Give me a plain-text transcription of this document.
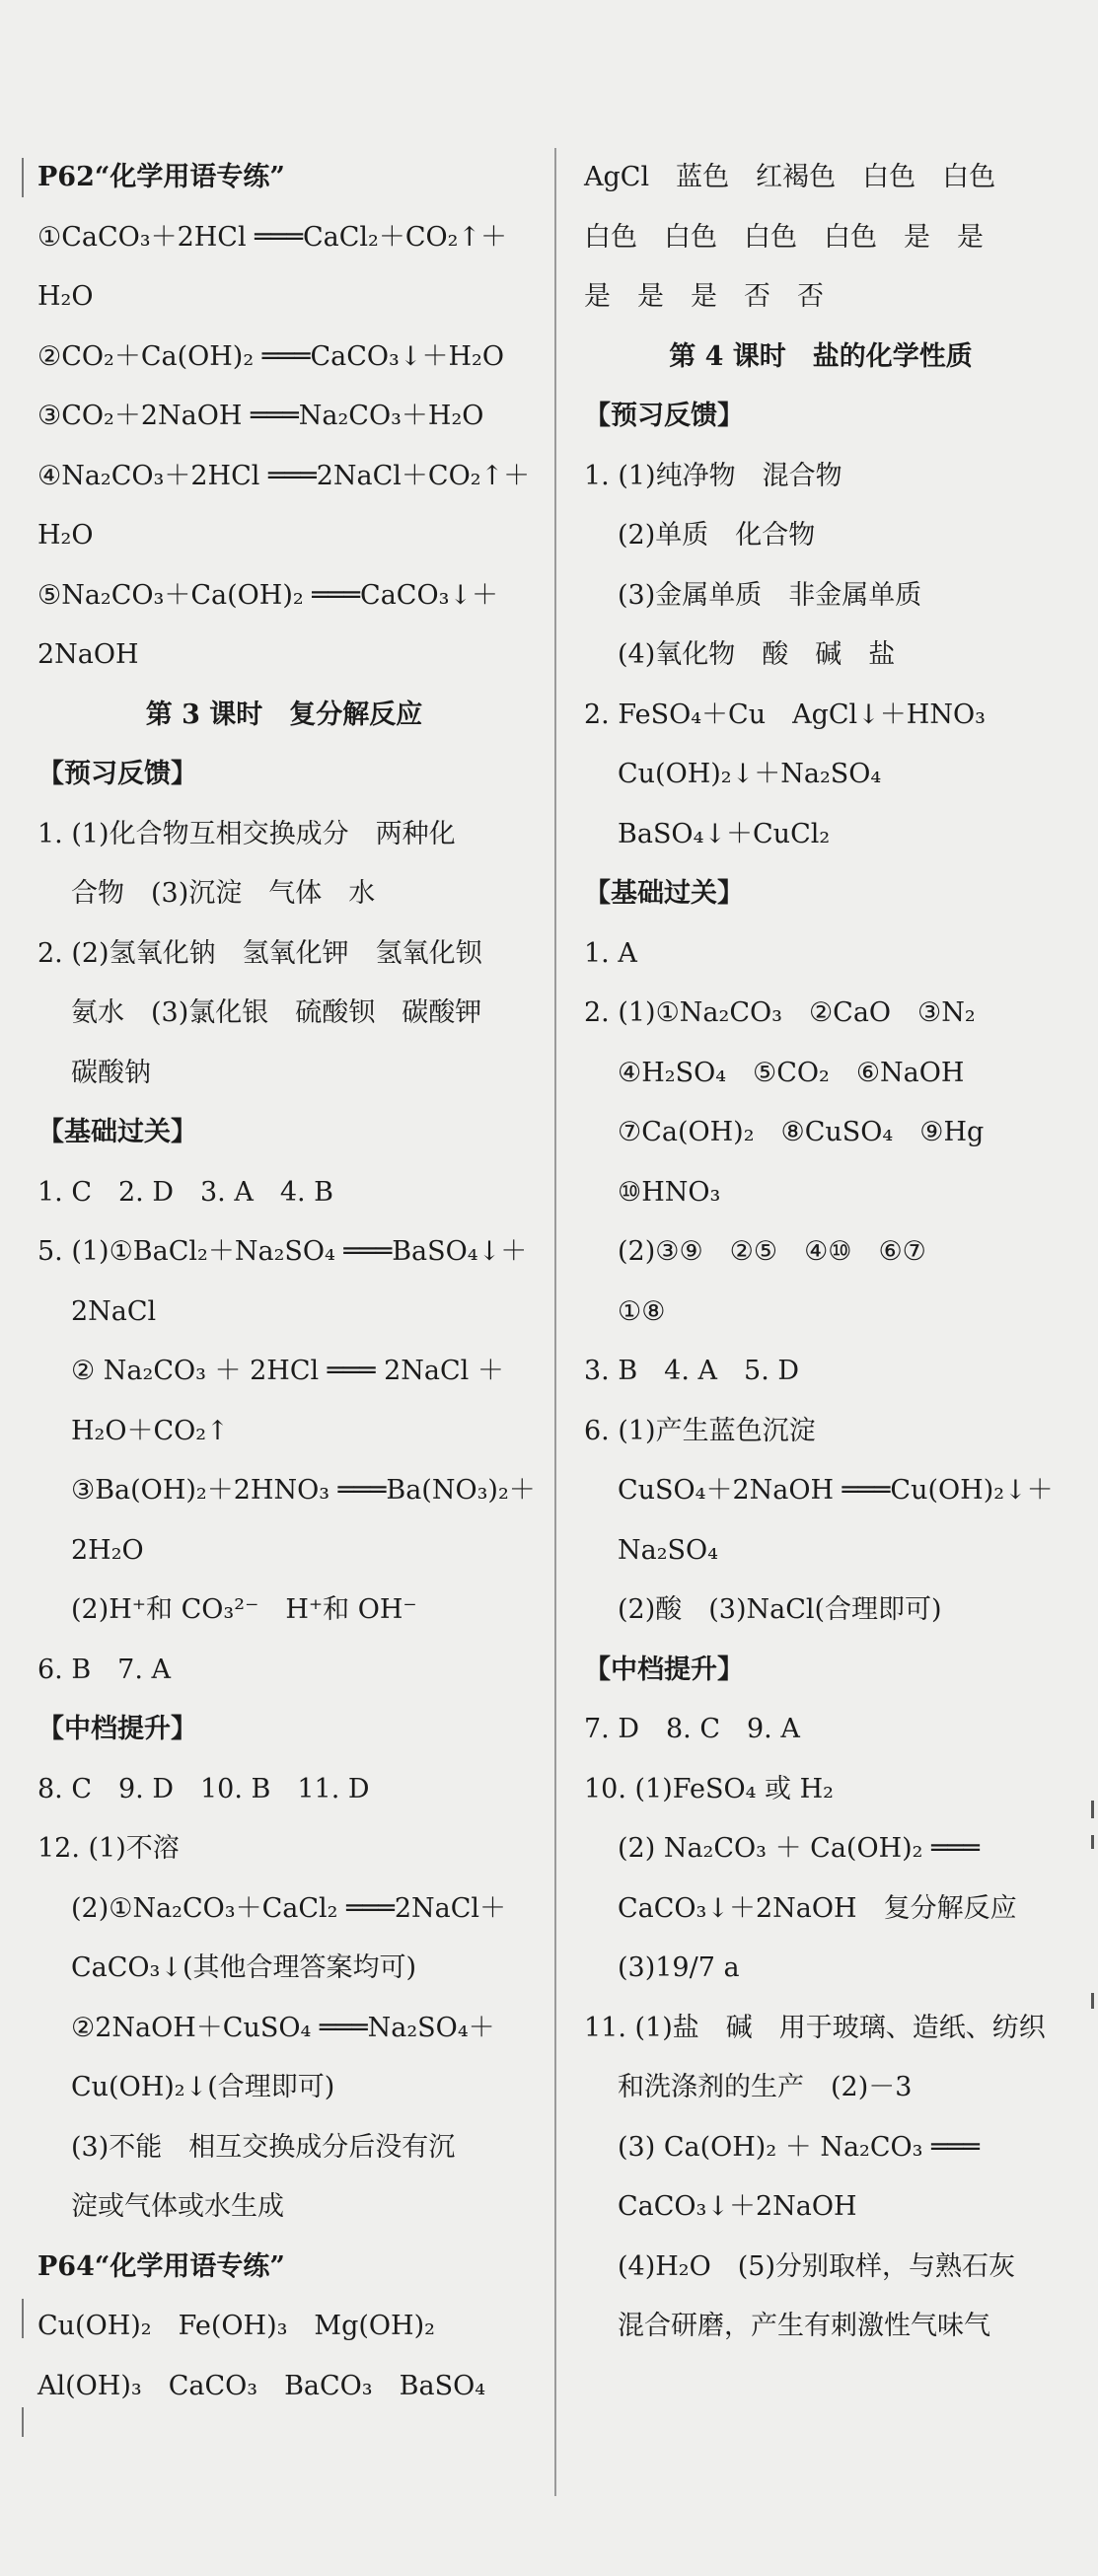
P62“化学用语专练”
①CaCO₃＋2HCl ═══CaCl₂＋CO₂↑＋
H₂O
②CO₂＋Ca(OH)₂ ═══CaCO₃↓＋H₂O
③CO₂＋2NaOH ═══Na₂CO₃＋H₂O
④Na₂CO₃＋2HCl ═══2NaCl＋CO₂↑＋
H₂O
⑤Na₂CO₃＋Ca(OH)₂ ═══CaCO₃↓＋
2NaOH
第 3 课时　复分解反应
【预习反馈】
1. (1)化合物互相交换成分　两种化
合物　(3)沉淀　气体　水
2. (2)氢氧化钠　氢氧化钾　氢氧化钡
氨水　(3)氯化银　硫酸钡　碳酸钾
碳酸钠
【基础过关】
1. C　2. D　3. A　4. B
5. (1)①BaCl₂＋Na₂SO₄ ═══BaSO₄↓＋
2NaCl
② Na₂CO₃ ＋ 2HCl ═══ 2NaCl ＋
H₂O＋CO₂↑
③Ba(OH)₂＋2HNO₃ ═══Ba(NO₃)₂＋
2H₂O
(2)H⁺和 CO₃²⁻　H⁺和 OH⁻
6. B　7. A
【中档提升】
8. C　9. D　10. B　11. D
12. (1)不溶
(2)①Na₂CO₃＋CaCl₂ ═══2NaCl＋
CaCO₃↓(其他合理答案均可)
②2NaOH＋CuSO₄ ═══Na₂SO₄＋
Cu(OH)₂↓(合理即可)
(3)不能　相互交换成分后没有沉
淀或气体或水生成
P64“化学用语专练”
Cu(OH)₂　Fe(OH)₃　Mg(OH)₂
Al(OH)₃　CaCO₃　BaCO₃　BaSO₄
AgCl　蓝色　红褐色　白色　白色
白色　白色　白色　白色　是　是
是　是　是　否　否
第 4 课时　盐的化学性质
【预习反馈】
1. (1)纯净物　混合物
(2)单质　化合物
(3)金属单质　非金属单质
(4)氧化物　酸　碱　盐
2. FeSO₄＋Cu　AgCl↓＋HNO₃
Cu(OH)₂↓＋Na₂SO₄
BaSO₄↓＋CuCl₂
【基础过关】
1. A
2. (1)①Na₂CO₃　②CaO　③N₂
④H₂SO₄　⑤CO₂　⑥NaOH
⑦Ca(OH)₂　⑧CuSO₄　⑨Hg
⑩HNO₃
(2)③⑨　②⑤　④⑩　⑥⑦
①⑧
3. B　4. A　5. D
6. (1)产生蓝色沉淀
CuSO₄＋2NaOH ═══Cu(OH)₂↓＋
Na₂SO₄
(2)酸　(3)NaCl(合理即可)
【中档提升】
7. D　8. C　9. A
10. (1)FeSO₄ 或 H₂
(2) Na₂CO₃ ＋ Ca(OH)₂ ═══
CaCO₃↓＋2NaOH　复分解反应
(3)19/7 a
11. (1)盐　碱　用于玻璃、造纸、纺织
和洗涤剂的生产　(2)－3
(3) Ca(OH)₂ ＋ Na₂CO₃ ═══
CaCO₃↓＋2NaOH
(4)H₂O　(5)分别取样，与熟石灰
混合研磨，产生有刺激性气味气
